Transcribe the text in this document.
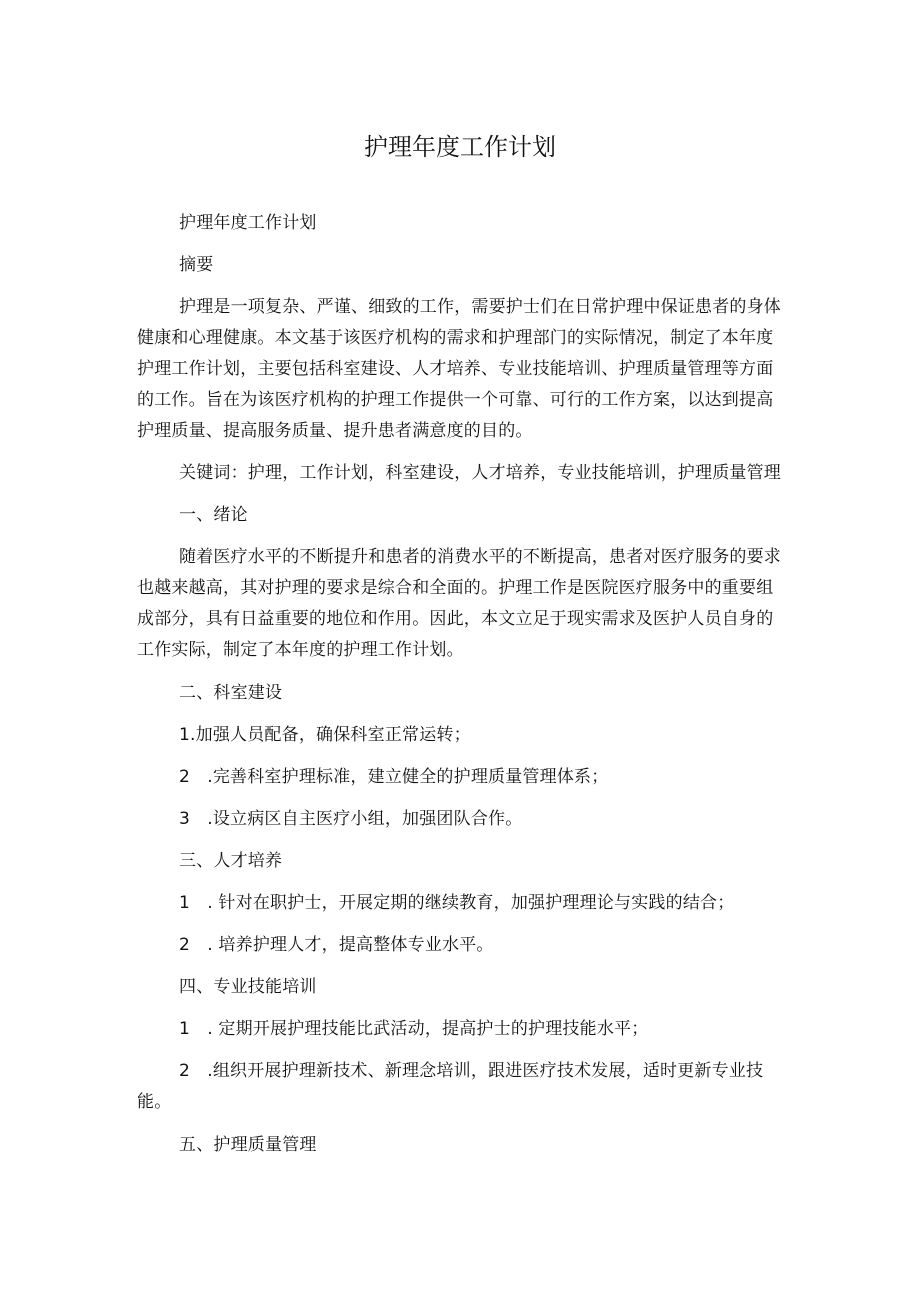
护理年度工作计划

护理年度工作计划

摘要

护理是一项复杂、严谨、细致的工作，需要护士们在日常护理中保证患者的身体健康和心理健康。本文基于该医疗机构的需求和护理部门的实际情况，制定了本年度护理工作计划，主要包括科室建设、人才培养、专业技能培训、护理质量管理等方面的工作。旨在为该医疗机构的护理工作提供一个可靠、可行的工作方案，以达到提高护理质量、提高服务质量、提升患者满意度的目的。

关键词：护理，工作计划，科室建设，人才培养，专业技能培训，护理质量管理

一、绪论

随着医疗水平的不断提升和患者的消费水平的不断提高，患者对医疗服务的要求也越来越高，其对护理的要求是综合和全面的。护理工作是医院医疗服务中的重要组成部分，具有日益重要的地位和作用。因此，本文立足于现实需求及医护人员自身的工作实际，制定了本年度的护理工作计划。

二、科室建设

1.加强人员配备，确保科室正常运转；

2　.完善科室护理标准，建立健全的护理质量管理体系；

3　.设立病区自主医疗小组，加强团队合作。

三、人才培养

1　. 针对在职护士，开展定期的继续教育，加强护理理论与实践的结合；

2　. 培养护理人才，提高整体专业水平。

四、专业技能培训

1　. 定期开展护理技能比武活动，提高护士的护理技能水平；

2　.组织开展护理新技术、新理念培训，跟进医疗技术发展，适时更新专业技能。

五、护理质量管理
